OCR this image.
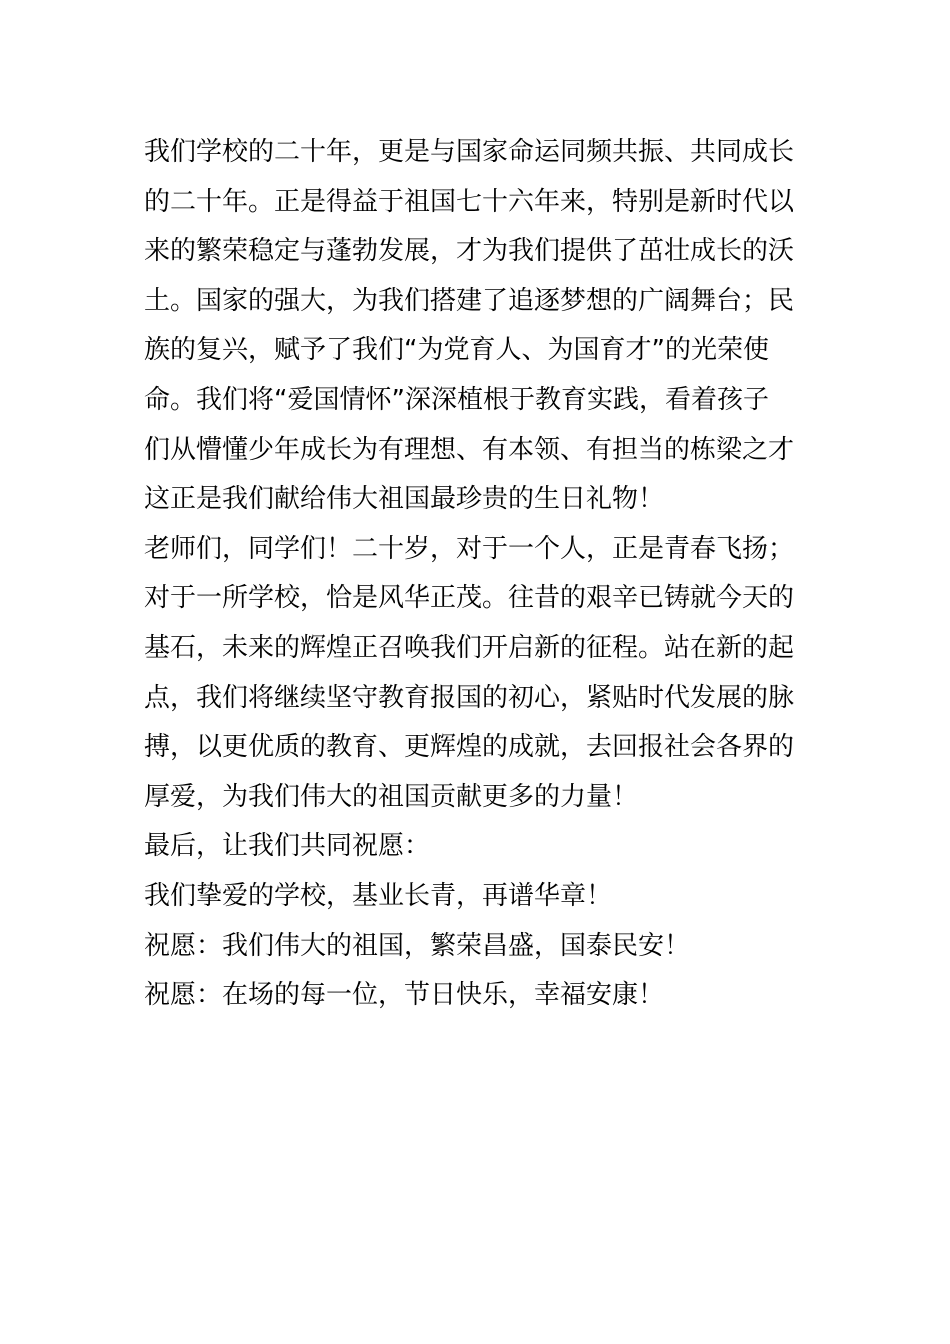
我们学校的二十年，更是与国家命运同频共振、共同成长
的二十年。正是得益于祖国七十六年来，特别是新时代以
来的繁荣稳定与蓬勃发展，才为我们提供了茁壮成长的沃
土。国家的强大，为我们搭建了追逐梦想的广阔舞台；民
族的复兴，赋予了我们“为党育人、为国育才”的光荣使
命。我们将“爱国情怀”深深植根于教育实践，看着孩子
们从懵懂少年成长为有理想、有本领、有担当的栋梁之才
这正是我们献给伟大祖国最珍贵的生日礼物！
老师们，同学们！二十岁，对于一个人，正是青春飞扬；
对于一所学校，恰是风华正茂。往昔的艰辛已铸就今天的
基石，未来的辉煌正召唤我们开启新的征程。站在新的起
点，我们将继续坚守教育报国的初心，紧贴时代发展的脉
搏，以更优质的教育、更辉煌的成就，去回报社会各界的
厚爱，为我们伟大的祖国贡献更多的力量！
最后，让我们共同祝愿：
我们挚爱的学校，基业长青，再谱华章！
祝愿：我们伟大的祖国，繁荣昌盛，国泰民安！
祝愿：在场的每一位，节日快乐，幸福安康！
